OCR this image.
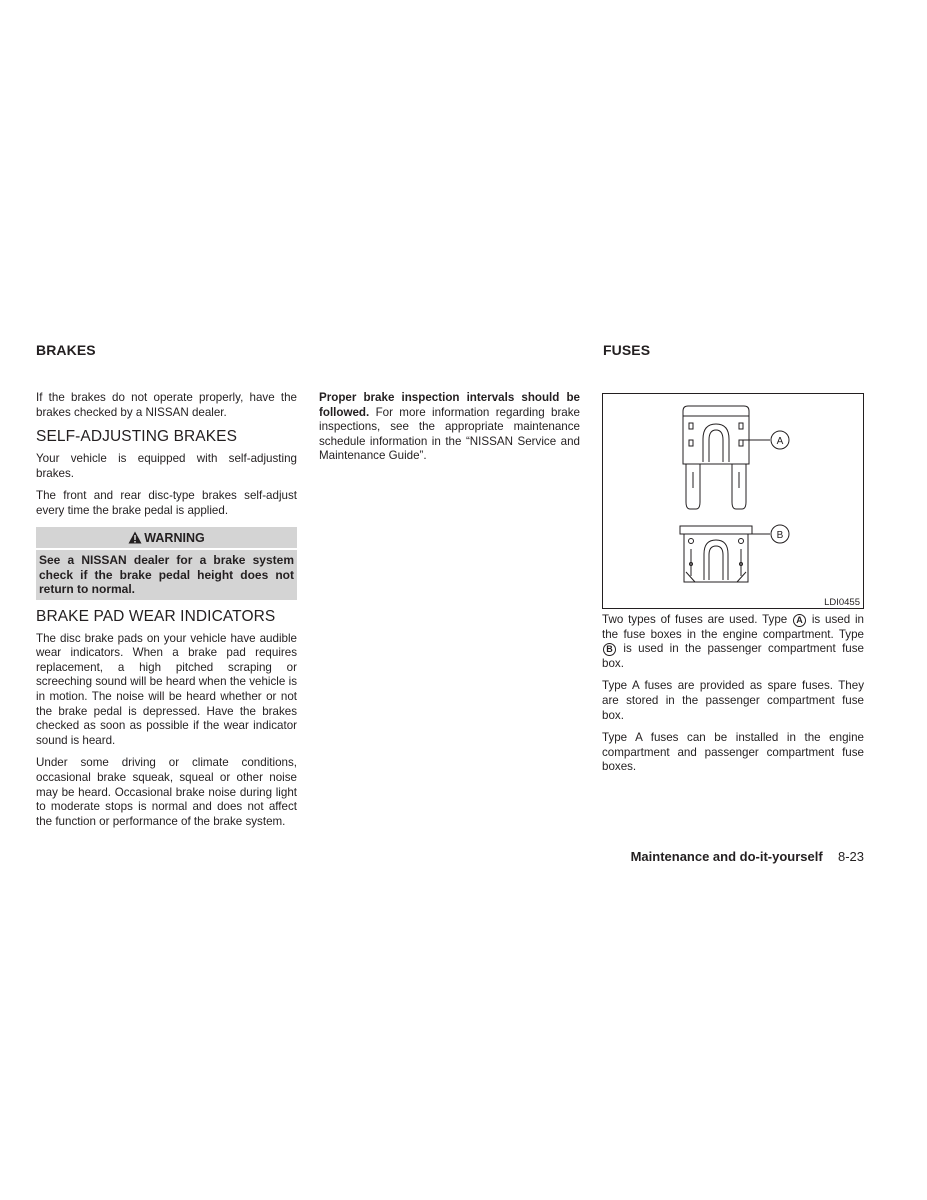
BRAKES	FUSES

If the brakes do not operate properly, have the brakes checked by a NISSAN dealer.

SELF-ADJUSTING BRAKES

Your vehicle is equipped with self-adjusting brakes.

The front and rear disc-type brakes self-adjust every time the brake pedal is applied.

WARNING
See a NISSAN dealer for a brake system check if the brake pedal height does not return to normal.
BRAKE PAD WEAR INDICATORS

The disc brake pads on your vehicle have audible wear indicators. When a brake pad requires replacement, a high pitched scraping or screeching sound will be heard when the vehicle is in motion. The noise will be heard whether or not the brake pedal is depressed. Have the brakes checked as soon as possible if the wear indicator sound is heard.

Under some driving or climate conditions, occasional brake squeak, squeal or other noise may be heard. Occasional brake noise during light to moderate stops is normal and does not affect the function or performance of the brake system.

Proper brake inspection intervals should be followed. For more information regarding brake inspections, see the appropriate maintenance schedule information in the “NISSAN Service and Maintenance Guide”.

A
B
LDI0455

Two types of fuses are used. Type A is used in the fuse boxes in the engine compartment. Type B is used in the passenger compartment fuse box.

Type A fuses are provided as spare fuses. They are stored in the passenger compartment fuse box.

Type A fuses can be installed in the engine compartment and passenger compartment fuse boxes.

Maintenance and do-it-yourself 8-23
